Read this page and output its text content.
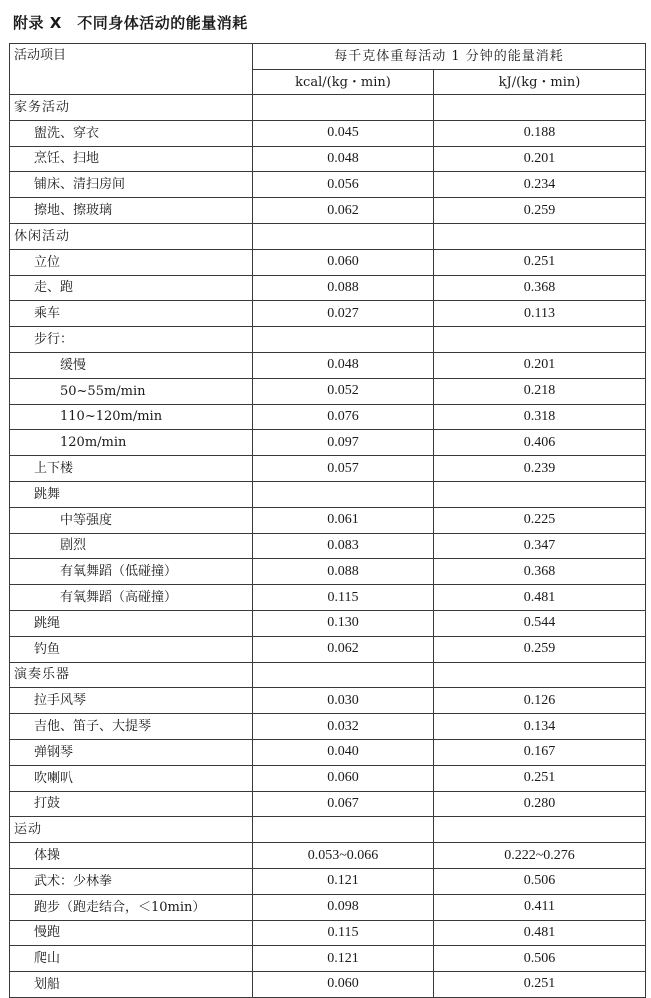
附录 X　不同身体活动的能量消耗
活动项目	每千克体重每活动 1 分钟的能量消耗	
	kcal/(kg・min)	kJ/(kg・min)
家务活动		
盥洗、穿衣	0.045	0.188
烹饪、扫地	0.048	0.201
铺床、清扫房间	0.056	0.234
擦地、擦玻璃	0.062	0.259
休闲活动		
立位	0.060	0.251
走、跑	0.088	0.368
乘车	0.027	0.113
步行：		
缓慢	0.048	0.201
50~55m/min	0.052	0.218
110~120m/min	0.076	0.318
120m/min	0.097	0.406
上下楼	0.057	0.239
跳舞		
中等强度	0.061	0.225
剧烈	0.083	0.347
有氧舞蹈（低碰撞）	0.088	0.368
有氧舞蹈（高碰撞）	0.115	0.481
跳绳	0.130	0.544
钓鱼	0.062	0.259
演奏乐器		
拉手风琴	0.030	0.126
吉他、笛子、大提琴	0.032	0.134
弹钢琴	0.040	0.167
吹喇叭	0.060	0.251
打鼓	0.067	0.280
运动		
体操	0.053~0.066	0.222~0.276
武术：少林拳	0.121	0.506
跑步（跑走结合，＜10min）	0.098	0.411
慢跑	0.115	0.481
爬山	0.121	0.506
划船	0.060	0.251
